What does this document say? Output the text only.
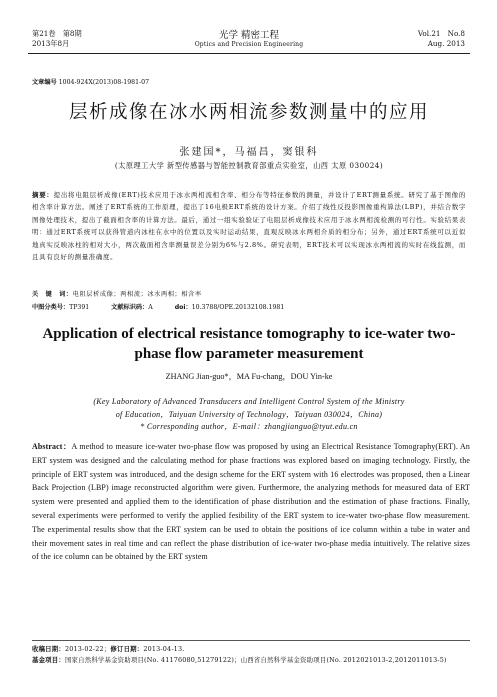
第21卷　第8期
2013年8月
光学 精密工程
Optics and Precision Engineering
Vol.21　No.8
Aug. 2013
文章编号 1004-924X(2013)08-1981-07
层析成像在冰水两相流参数测量中的应用
张建国*，马福昌，窦银科
(太原理工大学 新型传感器与智能控制教育部重点实验室，山西 太原 030024)
摘要：提出将电阻层析成像(ERT)技术应用于冰水两相流相含率、相分布等特征参数的测量，并设计了ERT测量系统。研究了基于图像的相含率计算方法。阐述了ERT系统的工作原理，提出了16电极ERT系统的设计方案。介绍了线性反投影图像重构算法(LBP)，并结合数字图像处理技术，提出了截面相含率的计算方法。最后，通过一组实验验证了电阻层析成像技术应用于冰水两相流检测的可行性。实验结果表明：通过ERT系统可以获得管道内冰柱在水中的位置以及实时运动结果，直观反映冰水两相介质的相分布；另外，通过ERT系统可以近似地真实反映冰柱的相对大小，两次截面相含率测量误差分别为6%与2.8%。研究表明，ERT技术可以实现冰水两相流的实时在线监测，而且具有良好的测量准确度。
关　键　词：电阻层析成像；两相流；冰水两相；相含率
中图分类号：TP391	文献标识码：A	doi：10.3788/OPE.20132108.1981
Application of electrical resistance tomography to ice-water two-phase flow parameter measurement
ZHANG Jian-guo*，MA Fu-chang，DOU Yin-ke
(Key Laboratory of Advanced Transducers and Intelligent Control System of the Ministry
of Education，Taiyuan University of Technology，Taiyuan 030024，China)
* Corresponding author，E-mail：zhangjianguo@tyut.edu.cn
Abstract：A method to measure ice-water two-phase flow was proposed by using an Electrical Resistance Tomography(ERT). An ERT system was designed and the calculating method for phase fractions was explored based on imaging technology. Firstly, the principle of ERT system was introduced, and the design scheme for the ERT system with 16 electrodes was proposed, then a Linear Back Projection (LBP) image reconstructed algorithm were given. Furthermore, the analyzing methods for measured data of ERT system were presented and applied them to the identification of phase distribution and the estimation of phase fractions. Finally, several experiments were performed to verify the applied fesibility of the ERT system to ice-water two-phase flow measurement. The experimental results show that the ERT system can be used to obtain the positions of ice column within a tube in water and their movement sates in real time and can reflect the phase distribution of ice-water two-phase media intuitively. The relative sizes of the ice column can be obtained by the ERT system
收稿日期：2013-02-22；修订日期：2013-04-13.
基金项目：国家自然科学基金资助项目(No. 41176080,51279122)；山西省自然科学基金资助项目(No. 2012021013-2,2012011013-5)
